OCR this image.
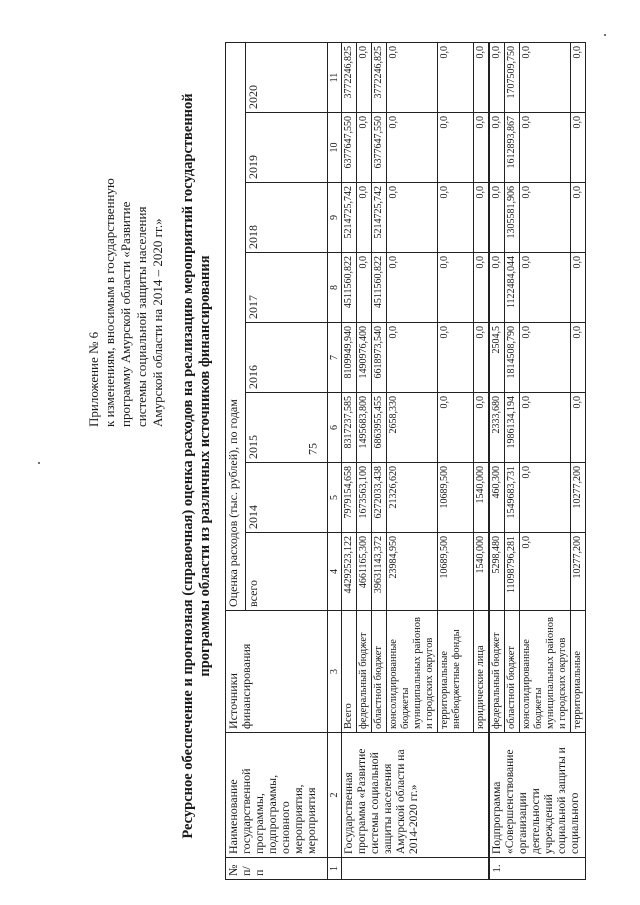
75
Приложение № 6 к изменениям, вносимым в государственную программу Амурской области «Развитие системы социальной защиты населения Амурской области на 2014 – 2020 гг.» Ресурсное обеспечение и прогнозная (справочная) оценка расходов на реализацию мероприятий государственной программы области из различных источников финансирования
№ п/п	Наименование государственной программы, подпрограммы, основного мероприятия, мероприятия	Источники финансирования	Оценка расходов (тыс. рублей), по годам							
			всего	2014	2015	2016	2017	2018	2019	2020
1	2	3	4	5	6	7	8	9	10	11
	Государственная программа «Развитие системы социальной защиты населения Амурской области на 2014-2020 гг.»	Всего	44292523,122	7979154,658	8317237,585	8109949,940	4511560,822	5214725,742	6377647,550	3772246,825
		федеральный бюджет	4661165,300	1673563,100	1495683,800	1490976,400	0,0	0,0	0,0	0,0
		областной бюджет	39631143,372	6272033,438	6863955,455	6618973,540	4511560,822	5214725,742	6377647,550	3772246,825
		консолидированные бюджеты муниципальных районов и городских округов	23984,950	21326,620	2658,330	0,0	0,0	0,0	0,0	0,0
		территориальные внебюджетные фонды	10689,500	10689,500	0,0	0,0	0,0	0,0	0,0	0,0
		юридические лица	1540,000	1540,000	0,0	0,0	0,0	0,0	0,0	0,0
1.	Подпрограмма «Совершенствование организации деятельности учреждений социальной защиты и социального	федеральный бюджет	5298,480	460,300	2333,680	2504,5	0,0	0,0	0,0	0,0
		областной бюджет	11098796,281	1549683,731	1986134,194	1814508,790	1122484,044	1305581,906	1612893,867	1707509,750
		консолидированные бюджеты муниципальных районов и городских округов	0,0	0,0	0,0	0,0	0,0	0,0	0,0	0,0
		территориальные	10277,200	10277,200	0,0	0,0	0,0	0,0	0,0	0,0
